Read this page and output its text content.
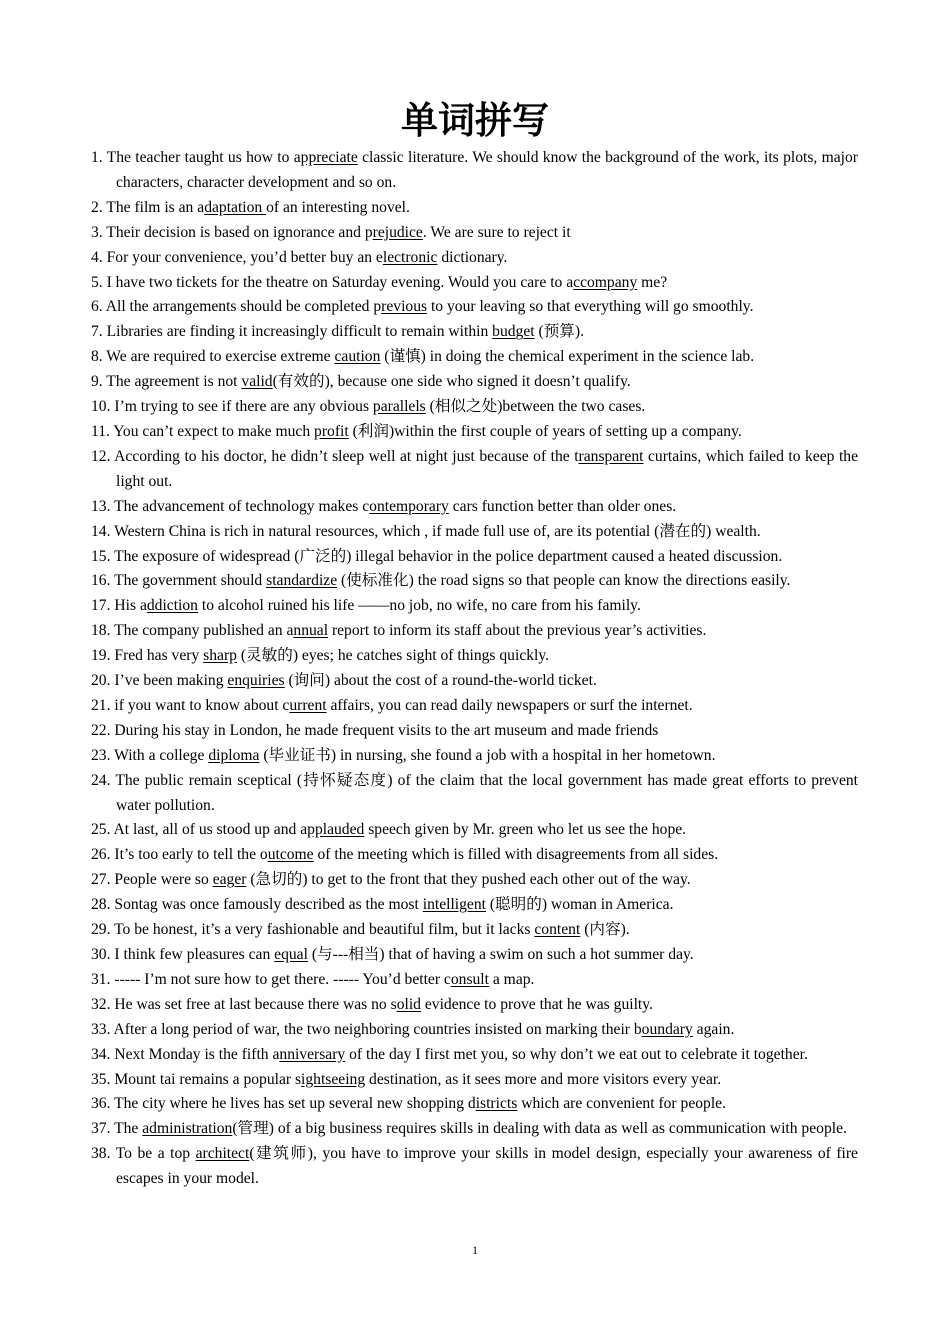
单词拼写
1. The teacher taught us how to appreciate classic literature. We should know the background of the work, its plots, major characters, character development and so on.
2. The film is an adaptation of an interesting novel.
3. Their decision is based on ignorance and prejudice. We are sure to reject it
4. For your convenience, you’d better buy an electronic dictionary.
5. I have two tickets for the theatre on Saturday evening. Would you care to accompany me?
6. All the arrangements should be completed previous to your leaving so that everything will go smoothly.
7. Libraries are finding it increasingly difficult to remain within budget (预算).
8. We are required to exercise extreme caution (谨慎) in doing the chemical experiment in the science lab.
9. The agreement is not valid(有效的), because one side who signed it doesn’t qualify.
10. I’m trying to see if there are any obvious parallels (相似之处)between the two cases.
11. You can’t expect to make much profit (利润)within the first couple of years of setting up a company.
12. According to his doctor, he didn’t sleep well at night just because of the transparent curtains, which failed to keep the light out.
13. The advancement of technology makes contemporary cars function better than older ones.
14. Western China is rich in natural resources, which , if made full use of, are its potential (潜在的) wealth.
15. The exposure of widespread (广泛的) illegal behavior in the police department caused a heated discussion.
16. The government should standardize (使标准化) the road signs so that people can know the directions easily.
17. His addiction to alcohol ruined his life ——no job, no wife, no care from his family.
18. The company published an annual report to inform its staff about the previous year’s activities.
19. Fred has very sharp (灵敏的) eyes; he catches sight of things quickly.
20. I’ve been making enquiries (询问) about the cost of a round-the-world ticket.
21. if you want to know about current affairs, you can read daily newspapers or surf the internet.
22. During his stay in London, he made frequent visits to the art museum and made friends
23. With a college diploma (毕业证书) in nursing, she found a job with a hospital in her hometown.
24. The public remain sceptical (持怀疑态度) of the claim that the local government has made great efforts to prevent water pollution.
25. At last, all of us stood up and applauded speech given by Mr. green who let us see the hope.
26. It’s too early to tell the outcome of the meeting which is filled with disagreements from all sides.
27. People were so eager (急切的) to get to the front that they pushed each other out of the way.
28. Sontag was once famously described as the most intelligent (聪明的) woman in America.
29. To be honest, it’s a very fashionable and beautiful film, but it lacks content (内容).
30. I think few pleasures can equal (与---相当) that of having a swim on such a hot summer day.
31. ----- I’m not sure how to get there. ----- You’d better consult a map.
32. He was set free at last because there was no solid evidence to prove that he was guilty.
33. After a long period of war, the two neighboring countries insisted on marking their boundary again.
34. Next Monday is the fifth anniversary of the day I first met you, so why don’t we eat out to celebrate it together.
35. Mount tai remains a popular sightseeing destination, as it sees more and more visitors every year.
36. The city where he lives has set up several new shopping districts which are convenient for people.
37. The administration(管理) of a big business requires skills in dealing with data as well as communication with people.
38. To be a top architect(建筑师), you have to improve your skills in model design, especially your awareness of fire escapes in your model.
1
